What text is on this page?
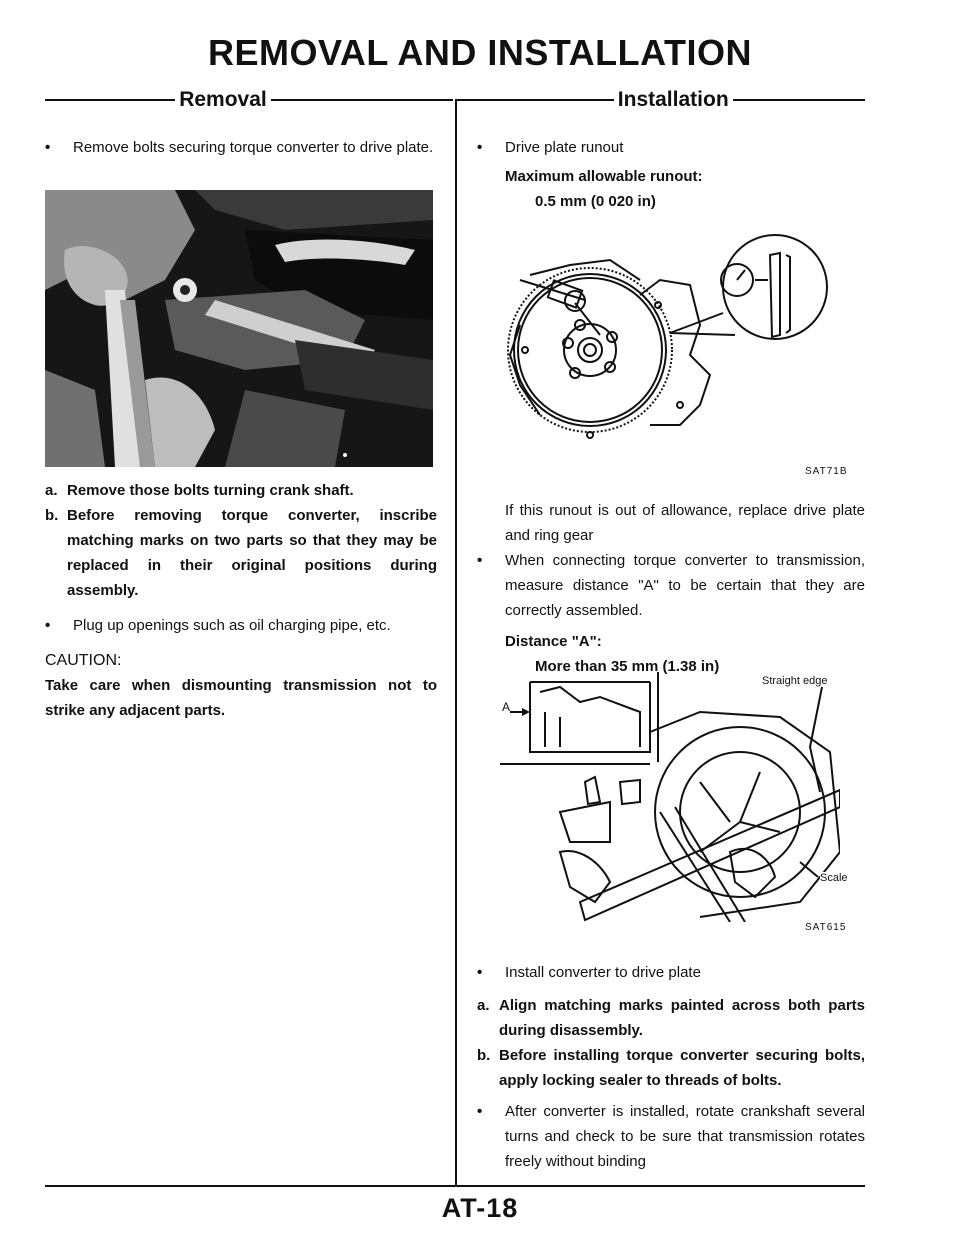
REMOVAL AND INSTALLATION
Removal	Installation
• Remove bolts securing torque converter to drive plate.
a. Remove those bolts turning crank shaft.
b. Before removing torque converter, inscribe matching marks on two parts so that they may be replaced in their original positions during assembly.
• Plug up openings such as oil charging pipe, etc.
CAUTION:
Take care when dismounting transmission not to strike any adjacent parts.
• Drive plate runout
Maximum allowable runout:
0.5 mm (0 020 in)
SAT71B
If this runout is out of allowance, replace drive plate and ring gear
• When connecting torque converter to transmission, measure distance "A" to be certain that they are correctly assembled.
Distance "A":
More than 35 mm (1.38 in)
A
Straight edge
Scale
SAT615
• Install converter to drive plate
a. Align matching marks painted across both parts during disassembly.
b. Before installing torque converter securing bolts, apply locking sealer to threads of bolts.
• After converter is installed, rotate crankshaft several turns and check to be sure that transmission rotates freely without binding
AT-18
